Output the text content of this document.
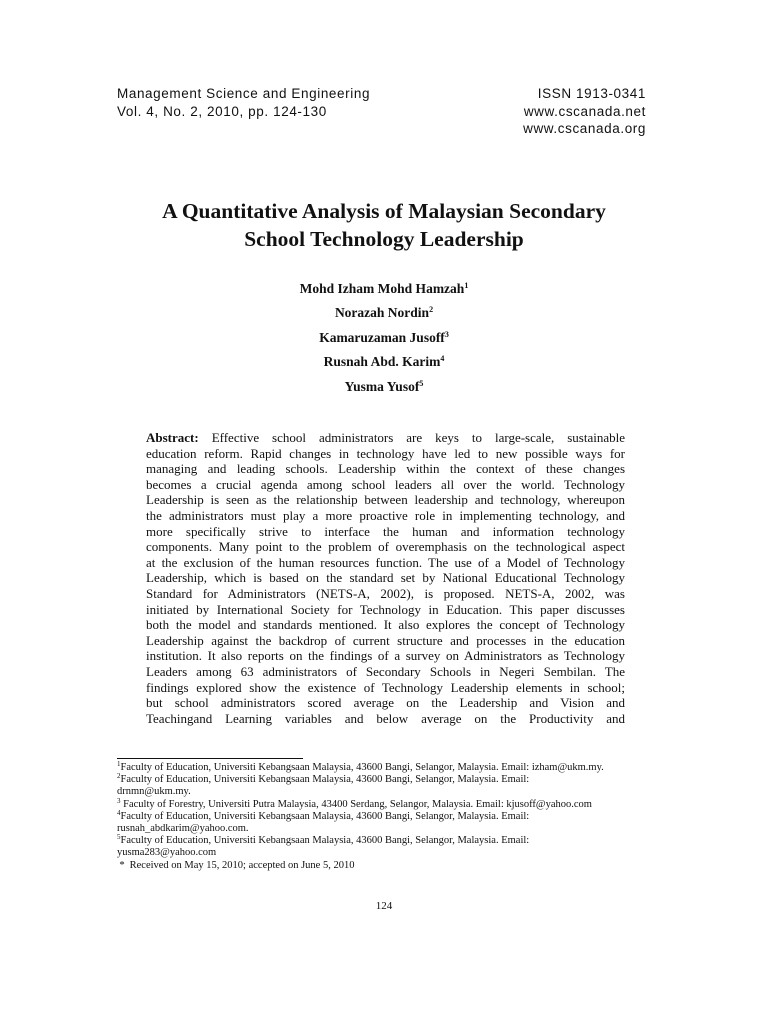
Management Science and Engineering
Vol. 4, No. 2, 2010, pp. 124-130
ISSN 1913-0341
www.cscanada.net
www.cscanada.org
A Quantitative Analysis of Malaysian Secondary
School Technology Leadership
Mohd Izham Mohd Hamzah$^1$
Norazah Nordin$^2$
Kamaruzaman Jusoff$^3$
Rusnah Abd. Karim$^4$
Yusma Yusof$^5$
Abstract: Effective school administrators are keys to large-scale, sustainable
education reform. Rapid changes in technology have led to new possible ways for
managing and leading schools. Leadership within the context of these changes
becomes a crucial agenda among school leaders all over the world. Technology
Leadership is seen as the relationship between leadership and technology, whereupon
the administrators must play a more proactive role in implementing technology, and
more specifically strive to interface the human and information technology
components. Many point to the problem of overemphasis on the technological aspect
at the exclusion of the human resources function. The use of a Model of Technology
Leadership, which is based on the standard set by National Educational Technology
Standard for Administrators (NETS-A, 2002), is proposed. NETS-A, 2002, was
initiated by International Society for Technology in Education. This paper discusses
both the model and standards mentioned. It also explores the concept of Technology
Leadership against the backdrop of current structure and processes in the education
institution. It also reports on the findings of a survey on Administrators as Technology
Leaders among 63 administrators of Secondary Schools in Negeri Sembilan. The
findings explored show the existence of Technology Leadership elements in school;
but school administrators scored average on the Leadership and Vision and
Teachingand Learning variables and below average on the Productivity and
$^1$Faculty of Education, Universiti Kebangsaan Malaysia, 43600 Bangi, Selangor, Malaysia. Email: izham@ukm.my.
$^2$Faculty of Education, Universiti Kebangsaan Malaysia, 43600 Bangi, Selangor, Malaysia. Email:
drnmn@ukm.my.
$^3$ Faculty of Forestry, Universiti Putra Malaysia, 43400 Serdang, Selangor, Malaysia. Email: kjusoff@yahoo.com
$^4$Faculty of Education, Universiti Kebangsaan Malaysia, 43600 Bangi, Selangor, Malaysia. Email:
rusnah_abdkarim@yahoo.com.
$^5$Faculty of Education, Universiti Kebangsaan Malaysia, 43600 Bangi, Selangor, Malaysia. Email:
yusma283@yahoo.com
* Received on May 15, 2010; accepted on June 5, 2010
124
